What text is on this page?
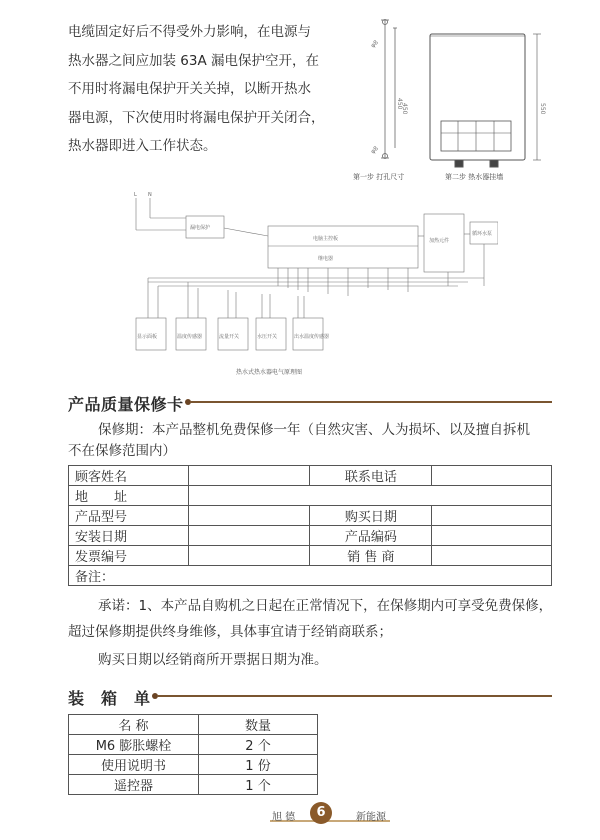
电缆固定好后不得受外力影响，在电源与

热水器之间应加装 63A 漏电保护空开，在

不用时将漏电保护开关关掉，以断开热水

器电源，下次使用时将漏电保护开关闭合，

热水器即进入工作状态。

450
φ8
φ8
550
450
第一步 打孔尺寸	第二步 热水器挂墙
L N
漏电保护
电脑主控板
继电器
加热元件
循环水泵
显示面板	温度传感器	流量开关	水压开关	出水温度传感器
热水式热水器电气原理图
产品质量保修卡
保修期：本产品整机免费保修一年（自然灾害、人为损坏、以及擅自拆机
不在保修范围内）
顾客姓名		联系电话	
地　　址			
产品型号		购买日期	
安装日期		产品编码	
发票编号		销 售 商	
备注：			
承诺：1、本产品自购机之日起在正常情况下，在保修期内可享受免费保修，
超过保修期提供终身维修，具体事宜请于经销商联系；
购买日期以经销商所开票据日期为准。
装　箱　单
名 称	数量
M6 膨胀螺栓	2 个
使用说明书	1 份
遥控器	1 个
旭 德	6	新能源
